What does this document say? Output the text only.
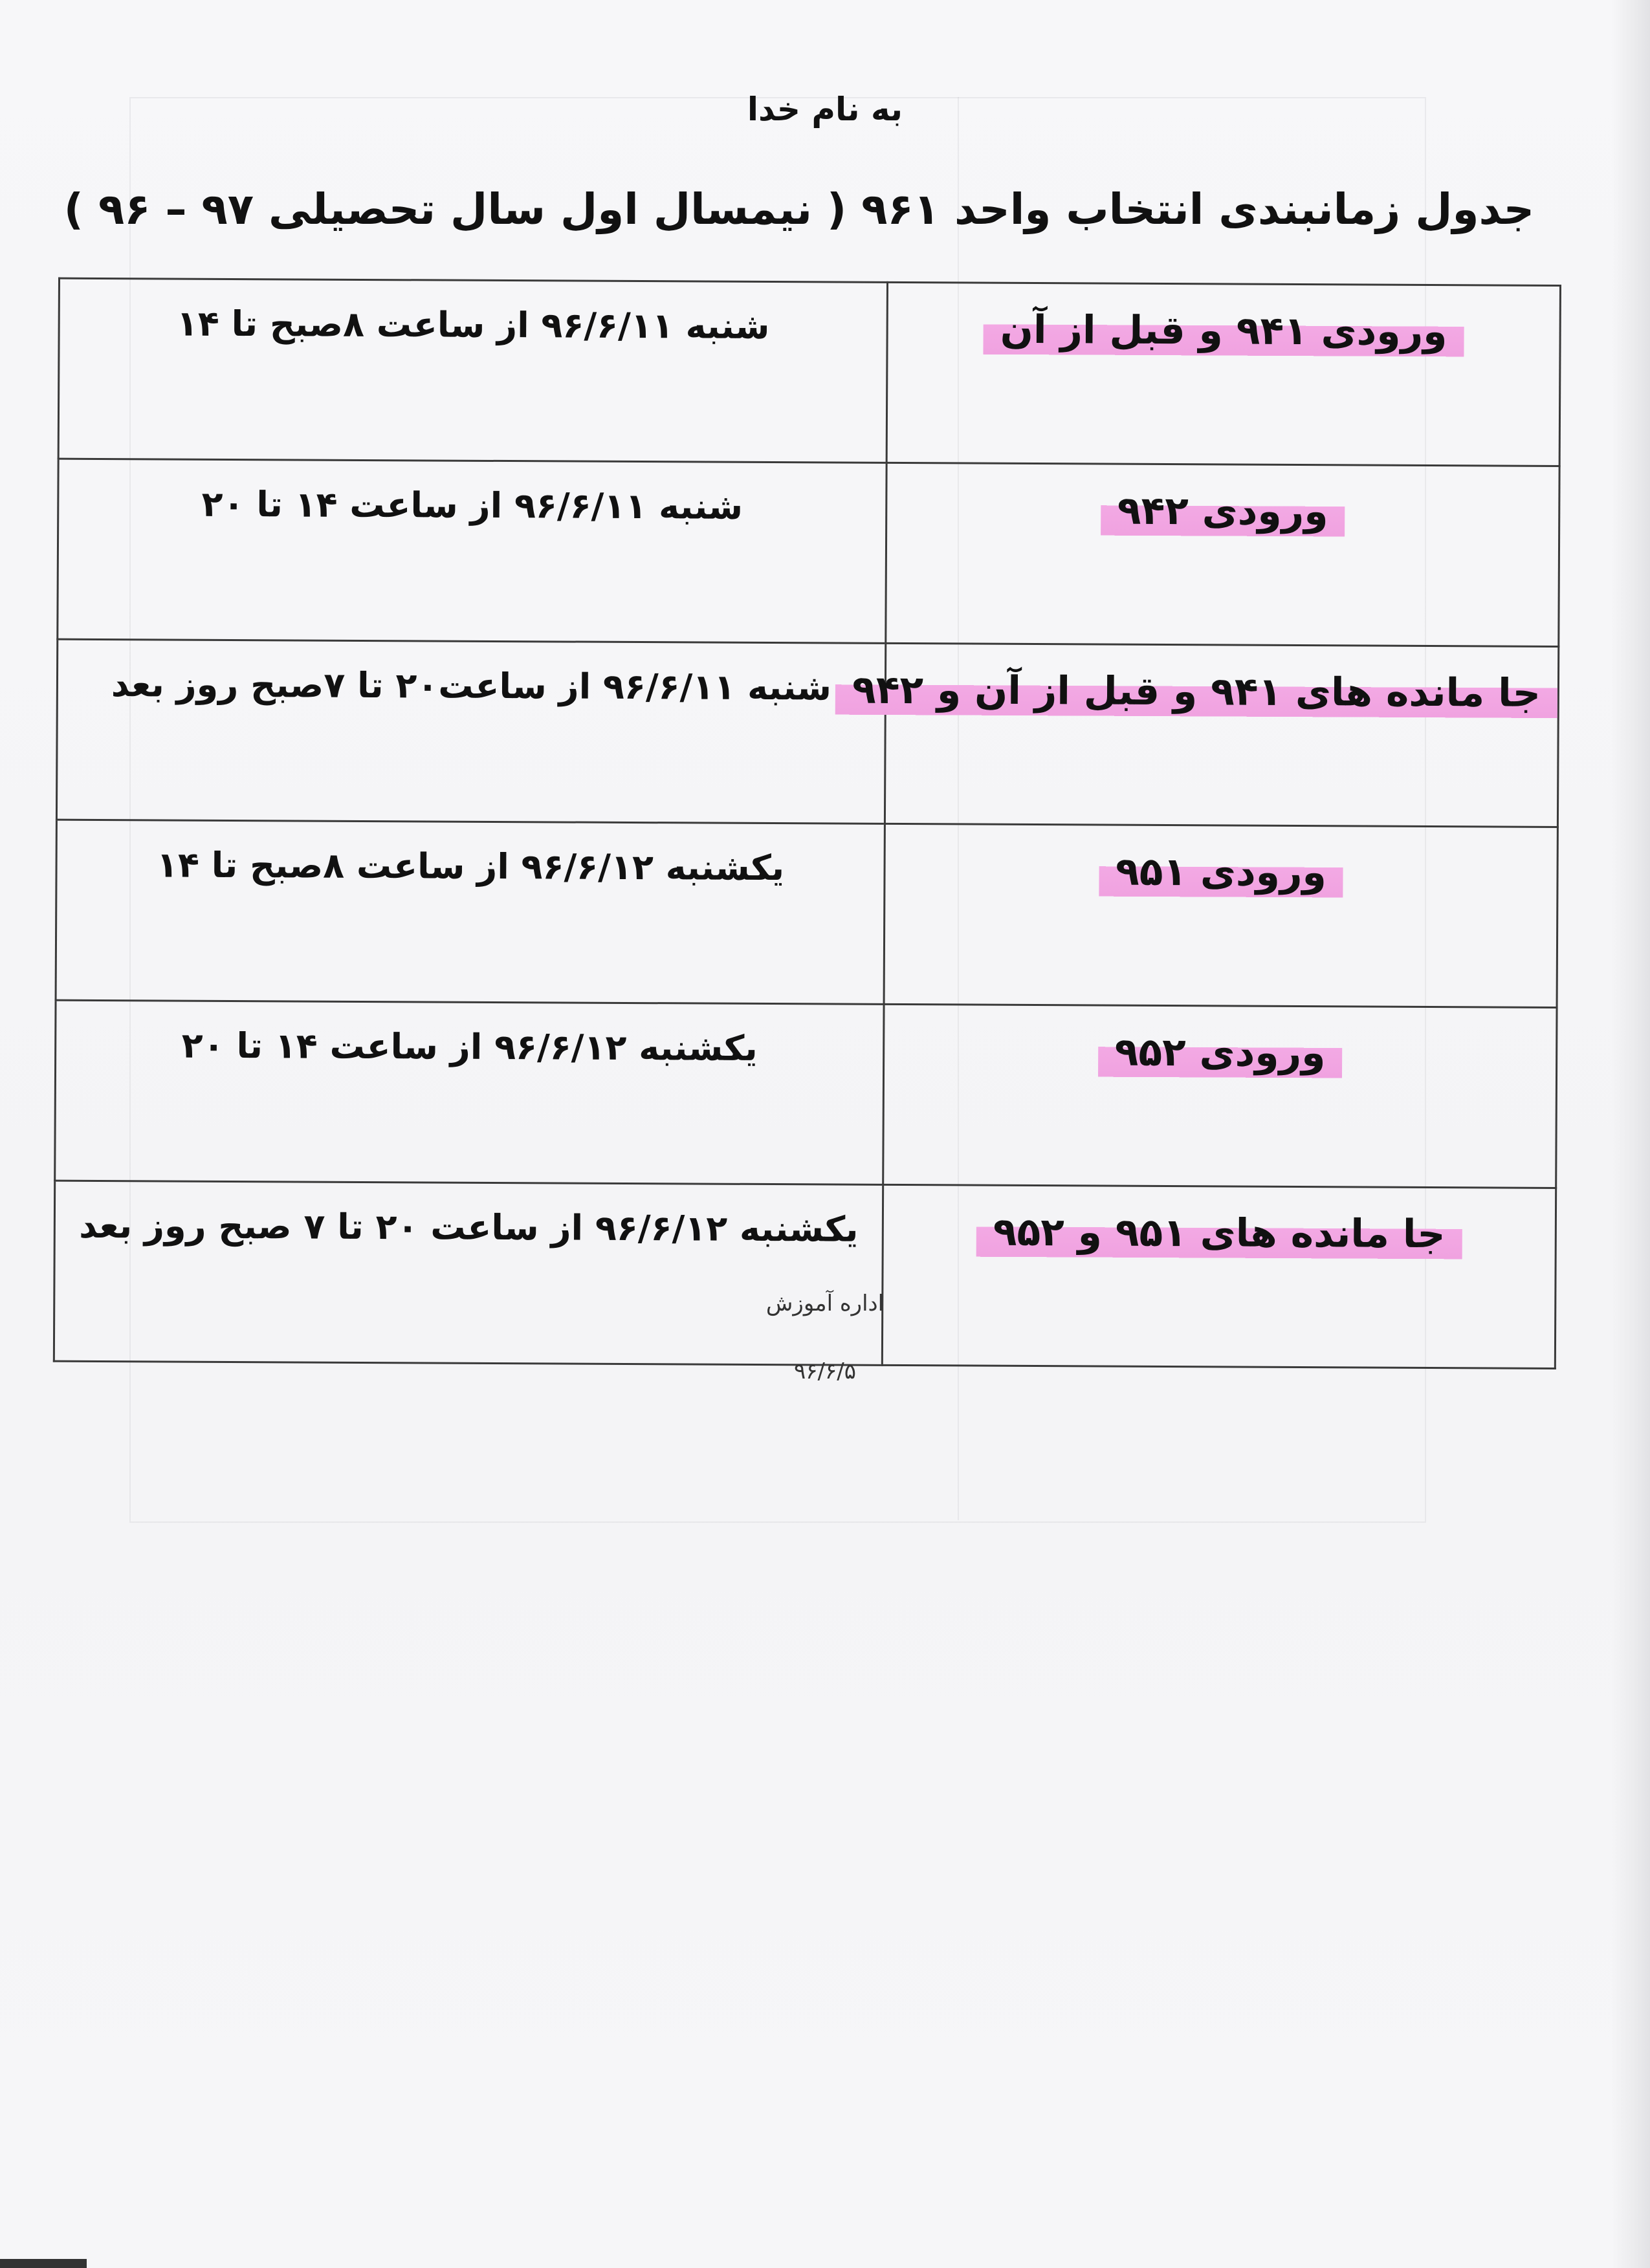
به نام خدا
جدول زمانبندی انتخاب واحد ۹۶۱ ( نیمسال اول سال تحصیلی ۹۷ – ۹۶ )
ورودی ۹۴۱ و قبل از آن	شنبه ۹۶/۶/۱۱ از ساعت ۸صبح تا ۱۴
ورودی ۹۴۲	شنبه ۹۶/۶/۱۱ از ساعت ۱۴ تا ۲۰
جا مانده های ۹۴۱ و قبل از آن و ۹۴۲	شنبه ۹۶/۶/۱۱ از ساعت۲۰ تا ۷صبح روز بعد
ورودی ۹۵۱	یکشنبه ۹۶/۶/۱۲ از ساعت ۸صبح تا ۱۴
ورودی ۹۵۲	یکشنبه ۹۶/۶/۱۲ از ساعت ۱۴ تا ۲۰
جا مانده های ۹۵۱ و ۹۵۲	یکشنبه ۹۶/۶/۱۲ از ساعت ۲۰ تا ۷ صبح روز بعد
اداره آموزش
۹۶/۶/۵
